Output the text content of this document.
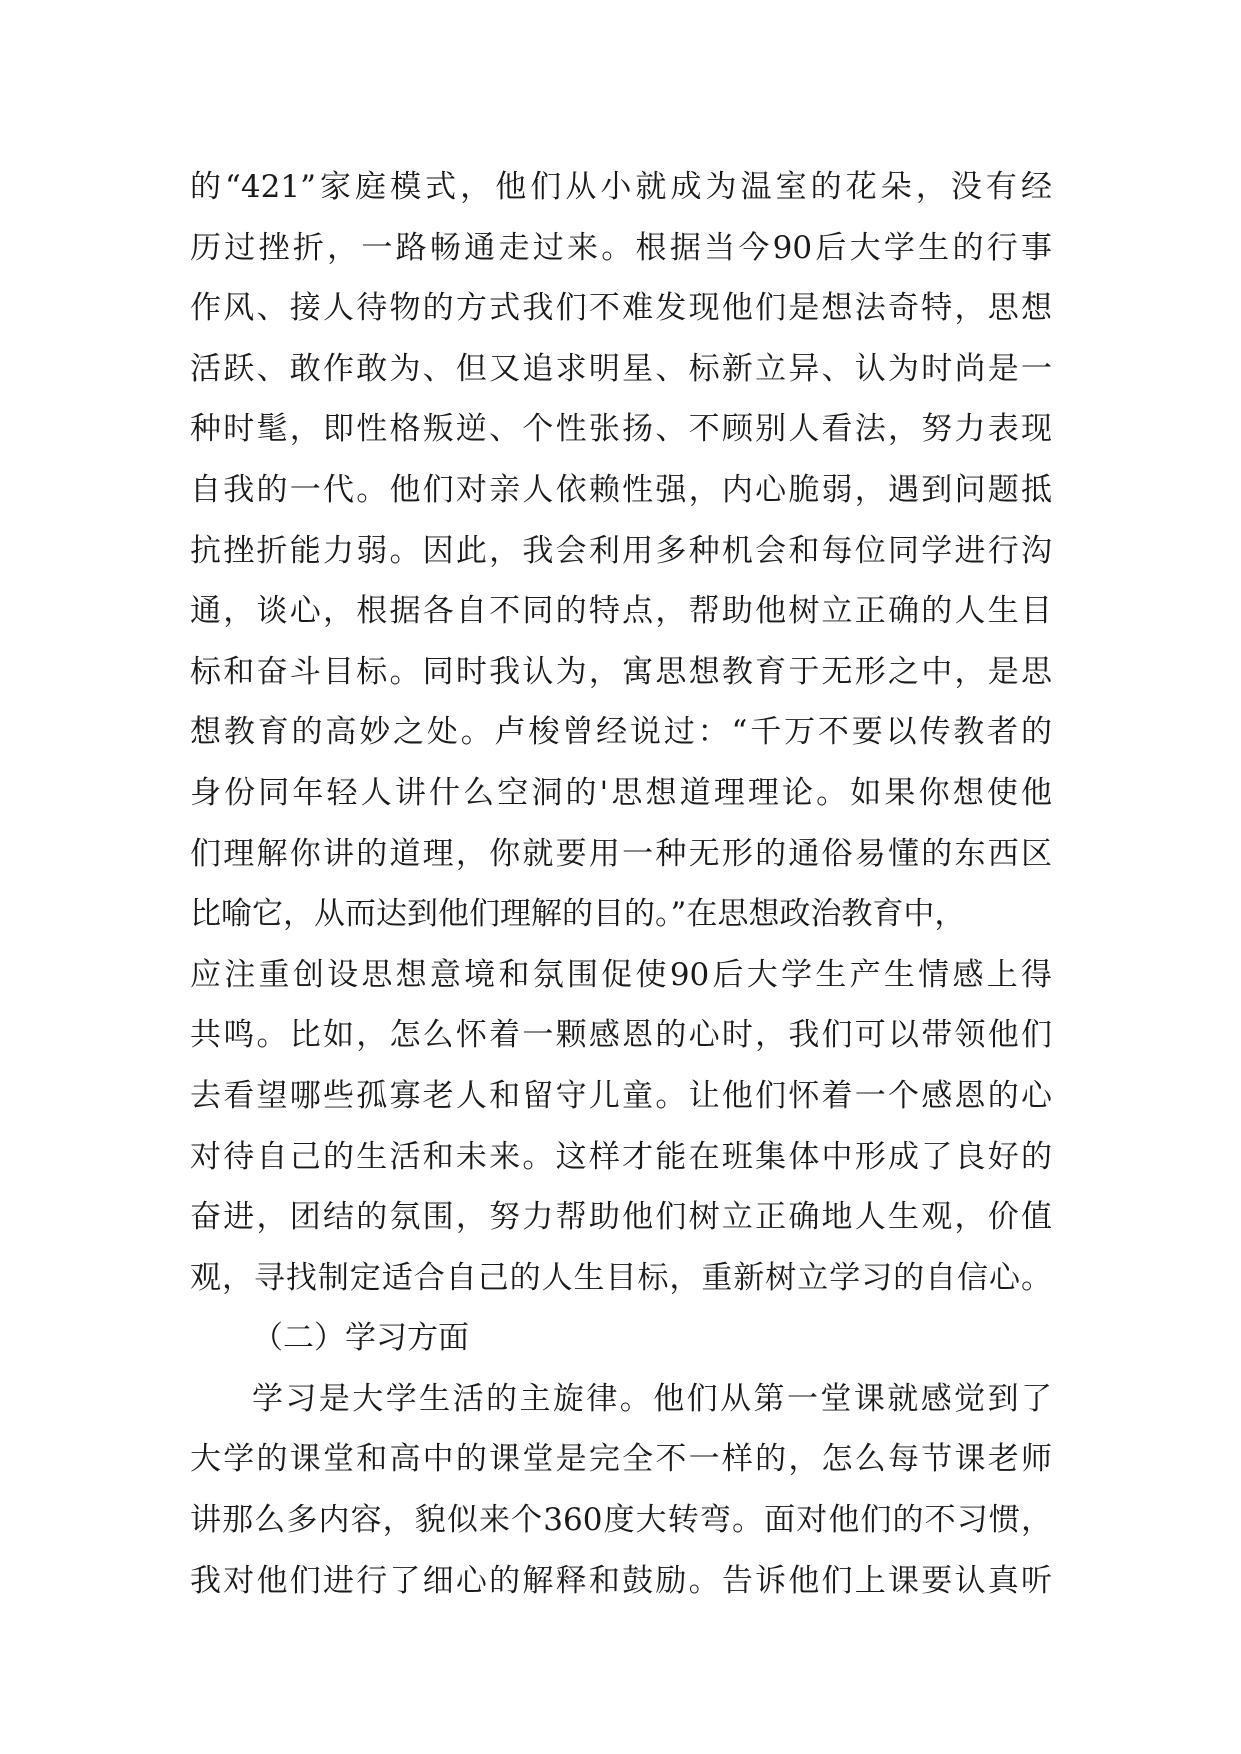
的“421”家庭模式，他们从小就成为温室的花朵，没有经
历过挫折，一路畅通走过来。根据当今90后大学生的行事
作风、接人待物的方式我们不难发现他们是想法奇特，思想
活跃、敢作敢为、但又追求明星、标新立异、认为时尚是一
种时髦，即性格叛逆、个性张扬、不顾别人看法，努力表现
自我的一代。他们对亲人依赖性强，内心脆弱，遇到问题抵
抗挫折能力弱。因此，我会利用多种机会和每位同学进行沟
通，谈心，根据各自不同的特点，帮助他树立正确的人生目
标和奋斗目标。同时我认为，寓思想教育于无形之中，是思
想教育的高妙之处。卢梭曾经说过：“千万不要以传教者的
身份同年轻人讲什么空洞的'思想道理理论。如果你想使他
们理解你讲的道理，你就要用一种无形的通俗易懂的东西区
比喻它，从而达到他们理解的目的。”在思想政治教育中，
应注重创设思想意境和氛围促使90后大学生产生情感上得
共鸣。比如，怎么怀着一颗感恩的心时，我们可以带领他们
去看望哪些孤寡老人和留守儿童。让他们怀着一个感恩的心
对待自己的生活和未来。这样才能在班集体中形成了良好的
奋进，团结的氛围，努力帮助他们树立正确地人生观，价值
观，寻找制定适合自己的人生目标，重新树立学习的自信心。
（二）学习方面
学习是大学生活的主旋律。他们从第一堂课就感觉到了
大学的课堂和高中的课堂是完全不一样的，怎么每节课老师
讲那么多内容，貌似来个360度大转弯。面对他们的不习惯，
我对他们进行了细心的解释和鼓励。告诉他们上课要认真听
